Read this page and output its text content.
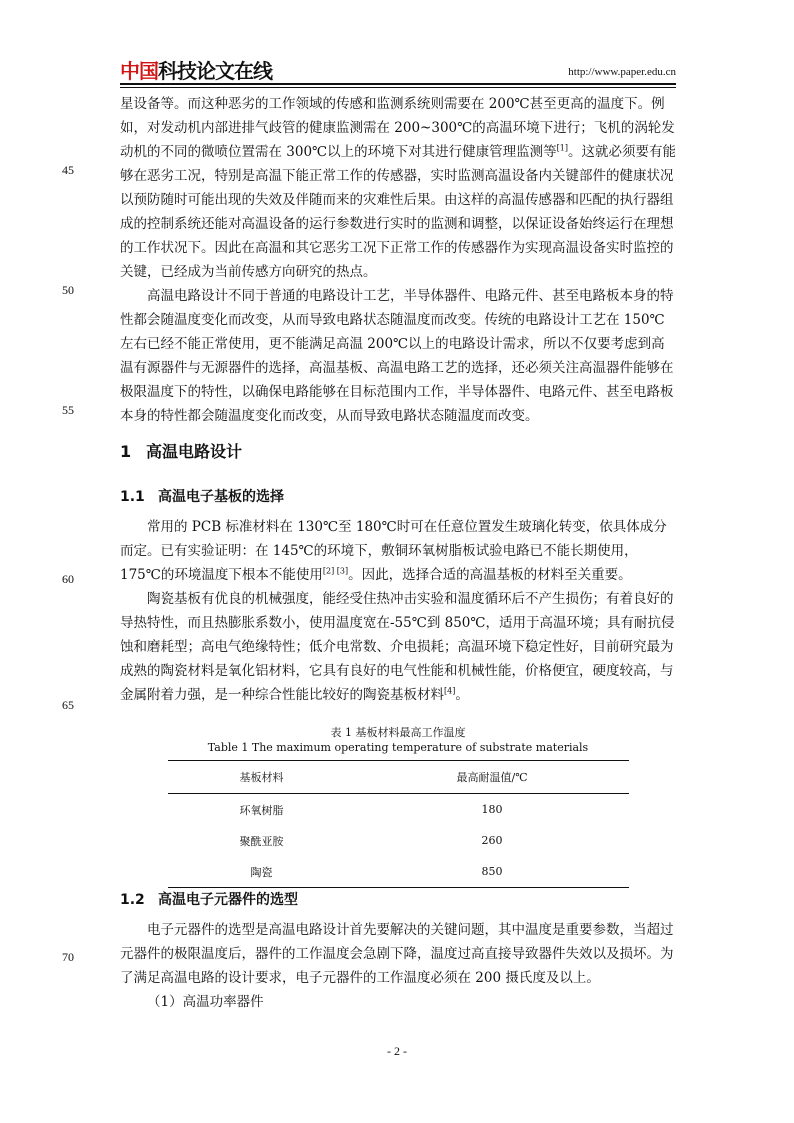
中国科技论文在线	http://www.paper.edu.cn
45
50
55
60
65
70

星设备等。而这种恶劣的工作领域的传感和监测系统则需要在 200℃甚至更高的温度下。例如，对发动机内部进排气歧管的健康监测需在 200~300℃的高温环境下进行；飞机的涡轮发动机的不同的微喷位置需在 300℃以上的环境下对其进行健康管理监测等[1]。这就必须要有能够在恶劣工况，特别是高温下能正常工作的传感器，实时监测高温设备内关键部件的健康状况以预防随时可能出现的失效及伴随而来的灾难性后果。由这样的高温传感器和匹配的执行器组成的控制系统还能对高温设备的运行参数进行实时的监测和调整，以保证设备始终运行在理想的工作状况下。因此在高温和其它恶劣工况下正常工作的传感器作为实现高温设备实时监控的关键，已经成为当前传感方向研究的热点。

高温电路设计不同于普通的电路设计工艺，半导体器件、电路元件、甚至电路板本身的特性都会随温度变化而改变，从而导致电路状态随温度而改变。传统的电路设计工艺在 150℃左右已经不能正常使用，更不能满足高温 200℃以上的电路设计需求，所以不仅要考虑到高温有源器件与无源器件的选择，高温基板、高温电路工艺的选择，还必须关注高温器件能够在极限温度下的特性，以确保电路能够在目标范围内工作，半导体器件、电路元件、甚至电路板本身的特性都会随温度变化而改变，从而导致电路状态随温度而改变。

1 高温电路设计
1.1 高温电子基板的选择

常用的 PCB 标准材料在 130℃至 180℃时可在任意位置发生玻璃化转变，依具体成分而定。已有实验证明：在 145℃的环境下，敷铜环氧树脂板试验电路已不能长期使用，175℃的环境温度下根本不能使用[2] [3]。因此，选择合适的高温基板的材料至关重要。

陶瓷基板有优良的机械强度，能经受住热冲击实验和温度循环后不产生损伤；有着良好的导热特性，而且热膨胀系数小，使用温度宽在-55℃到 850℃，适用于高温环境；具有耐抗侵蚀和磨耗型；高电气绝缘特性；低介电常数、介电损耗；高温环境下稳定性好，目前研究最为成熟的陶瓷材料是氧化铝材料，它具有良好的电气性能和机械性能，价格便宜，硬度较高，与金属附着力强，是一种综合性能比较好的陶瓷基板材料[4]。

表 1 基板材料最高工作温度
Table 1 The maximum operating temperature of substrate materials
基板材料	最高耐温值/℃
环氧树脂	180
聚酰亚胺	260
陶瓷	850
1.2 高温电子元器件的选型

电子元器件的选型是高温电路设计首先要解决的关键问题，其中温度是重要参数，当超过元器件的极限温度后，器件的工作温度会急剧下降，温度过高直接导致器件失效以及损坏。为了满足高温电路的设计要求，电子元器件的工作温度必须在 200 摄氏度及以上。

（1）高温功率器件

- 2 -
